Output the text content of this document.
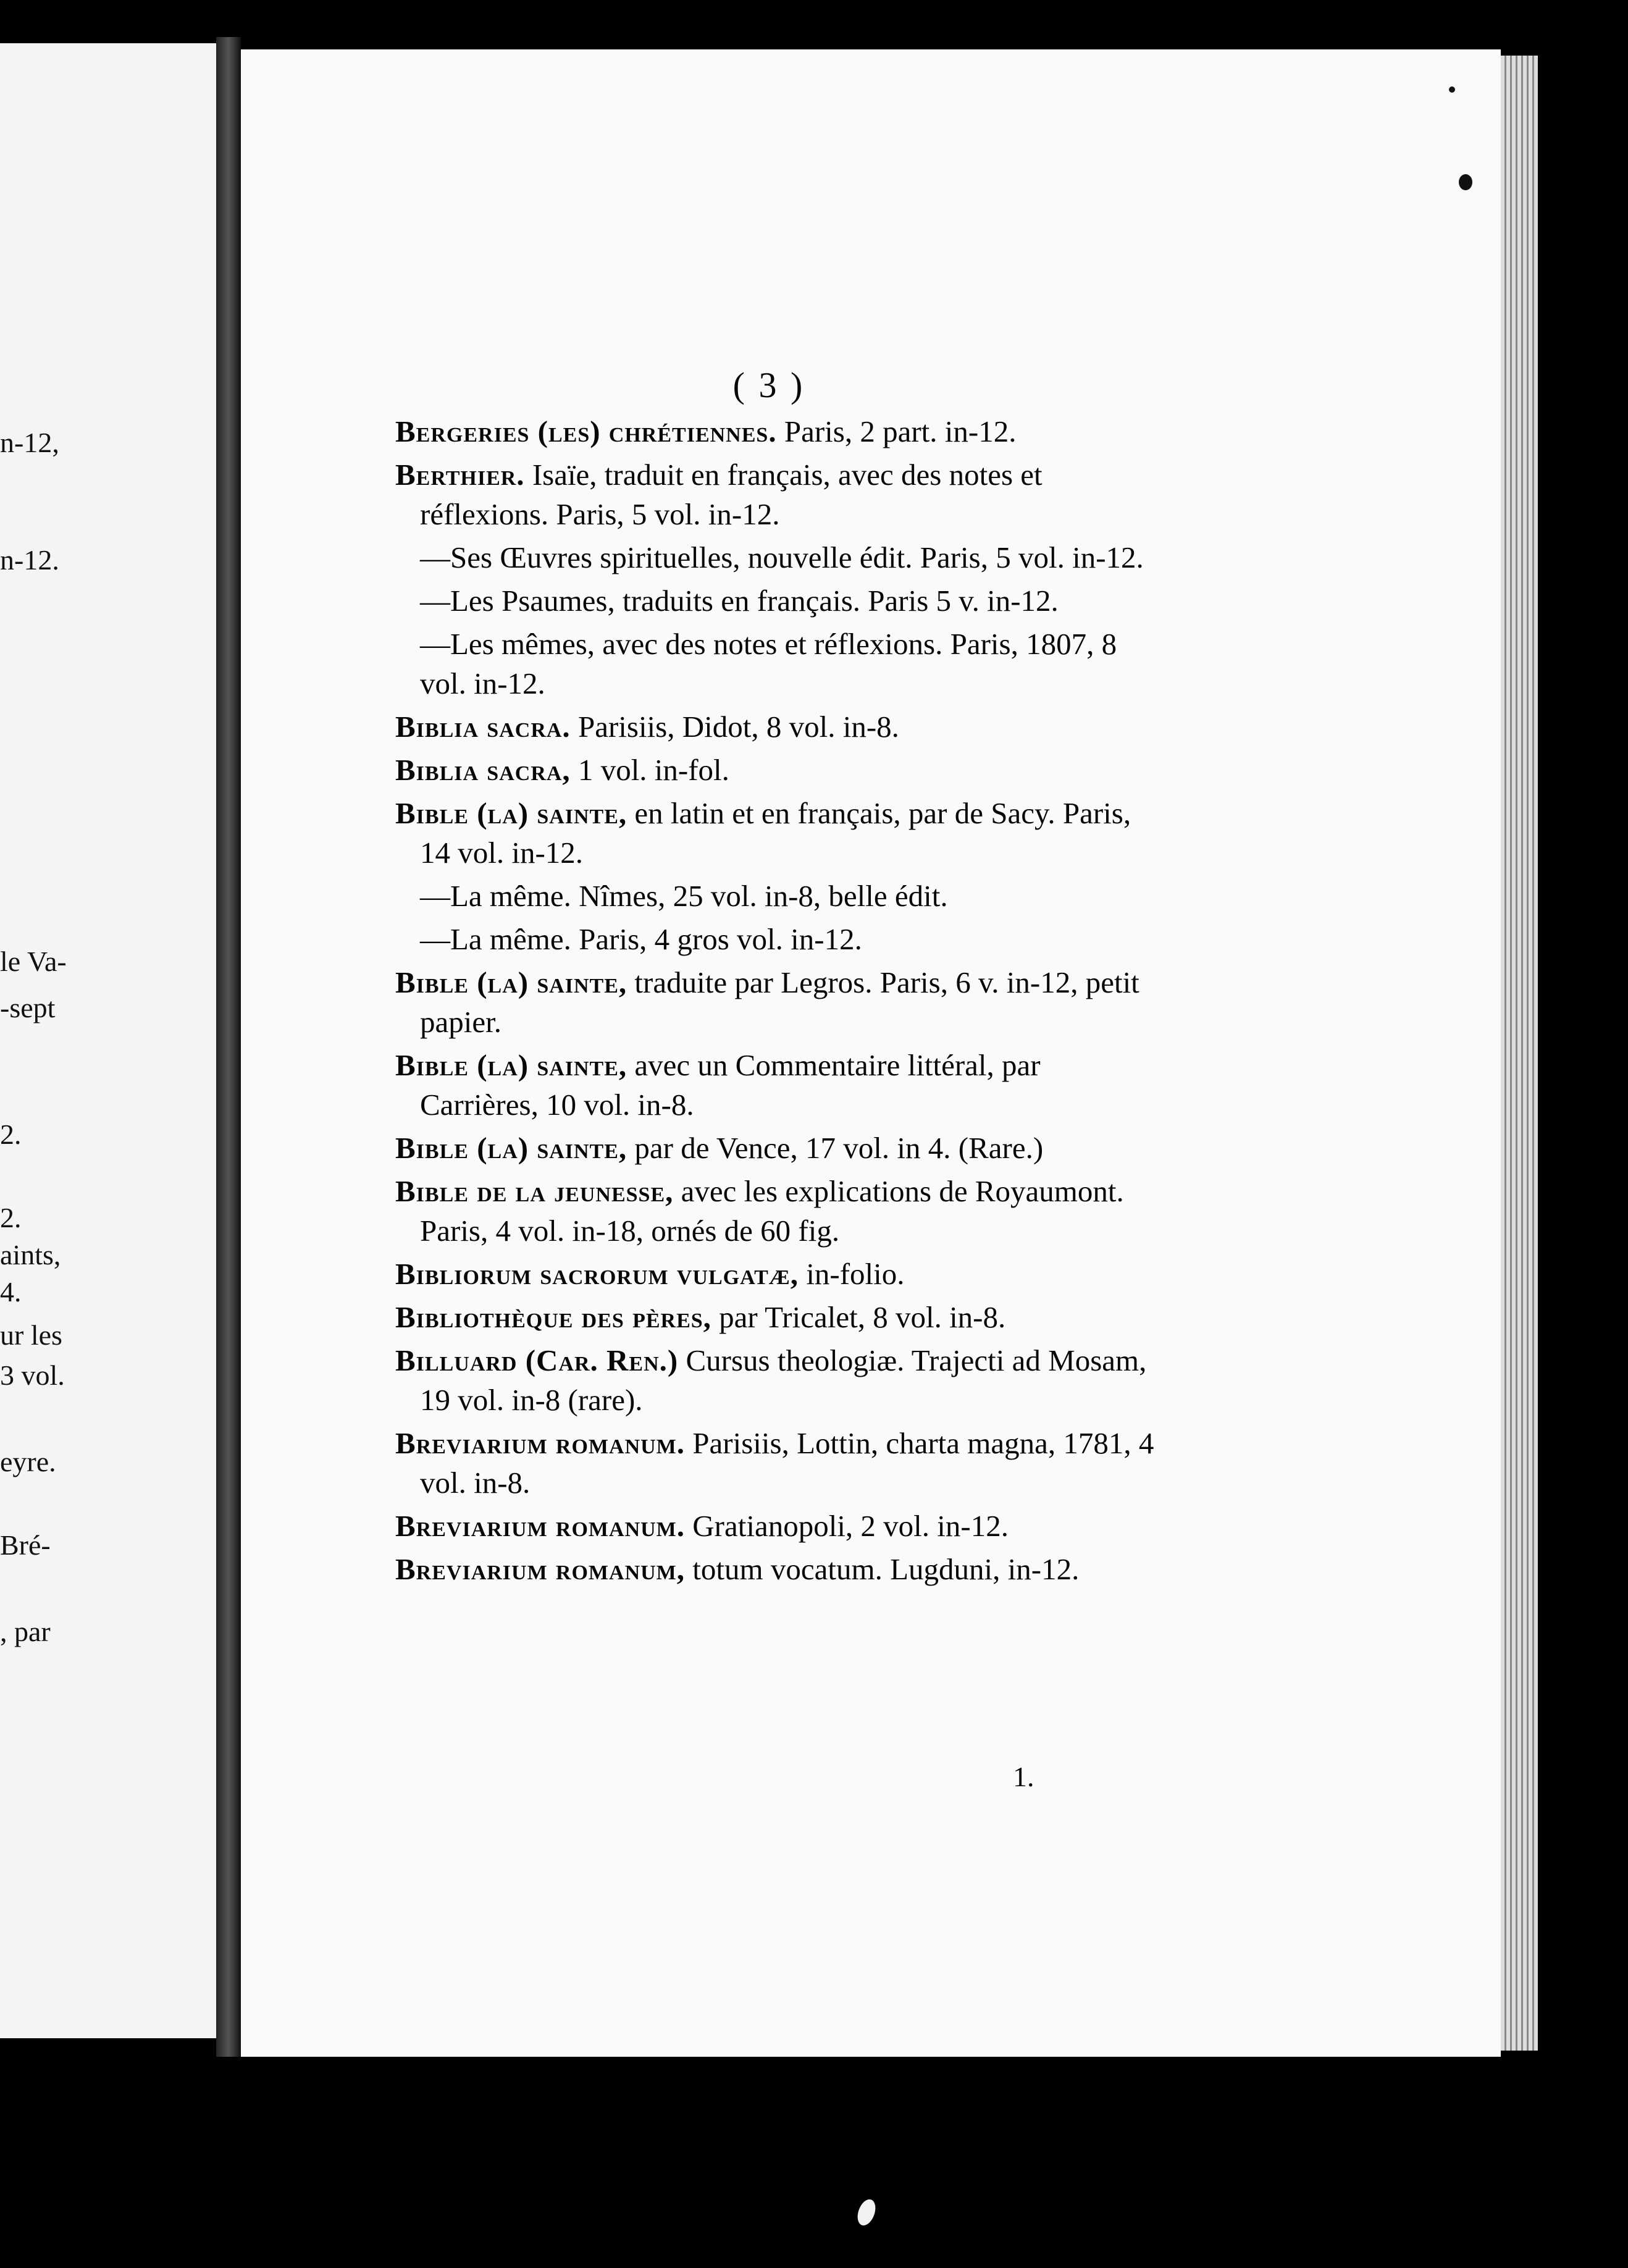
n-12,
n-12.
le Va-
-sept
2.
2.
aints,
4.
ur les
3 vol.
eyre.
Bré-
, par

( 3 )

Bergeries (les) chrétiennes. Paris, 2 part. in-12.

Berthier. Isaïe, traduit en français, avec des notes et réflexions. Paris, 5 vol. in-12.

—Ses Œuvres spirituelles, nouvelle édit. Paris, 5 vol. in-12.

—Les Psaumes, traduits en français. Paris 5 v. in-12.

—Les mêmes, avec des notes et réflexions. Paris, 1807, 8 vol. in-12.

Biblia sacra. Parisiis, Didot, 8 vol. in-8.

Biblia sacra, 1 vol. in-fol.

Bible (la) sainte, en latin et en français, par de Sacy. Paris, 14 vol. in-12.

—La même. Nîmes, 25 vol. in-8, belle édit.

—La même. Paris, 4 gros vol. in-12.

Bible (la) sainte, traduite par Legros. Paris, 6 v. in-12, petit papier.

Bible (la) sainte, avec un Commentaire littéral, par Carrières, 10 vol. in-8.

Bible (la) sainte, par de Vence, 17 vol. in 4. (Rare.)

Bible de la jeunesse, avec les explications de Royaumont. Paris, 4 vol. in-18, ornés de 60 fig.

Bibliorum sacrorum vulgatæ, in-folio.

Bibliothèque des pères, par Tricalet, 8 vol. in-8.

Billuard (Car. Ren.) Cursus theologiæ. Trajecti ad Mosam, 19 vol. in-8 (rare).

Breviarium romanum. Parisiis, Lottin, charta magna, 1781, 4 vol. in-8.

Breviarium romanum. Gratianopoli, 2 vol. in-12.

Breviarium romanum, totum vocatum. Lugduni, in-12.

1.
